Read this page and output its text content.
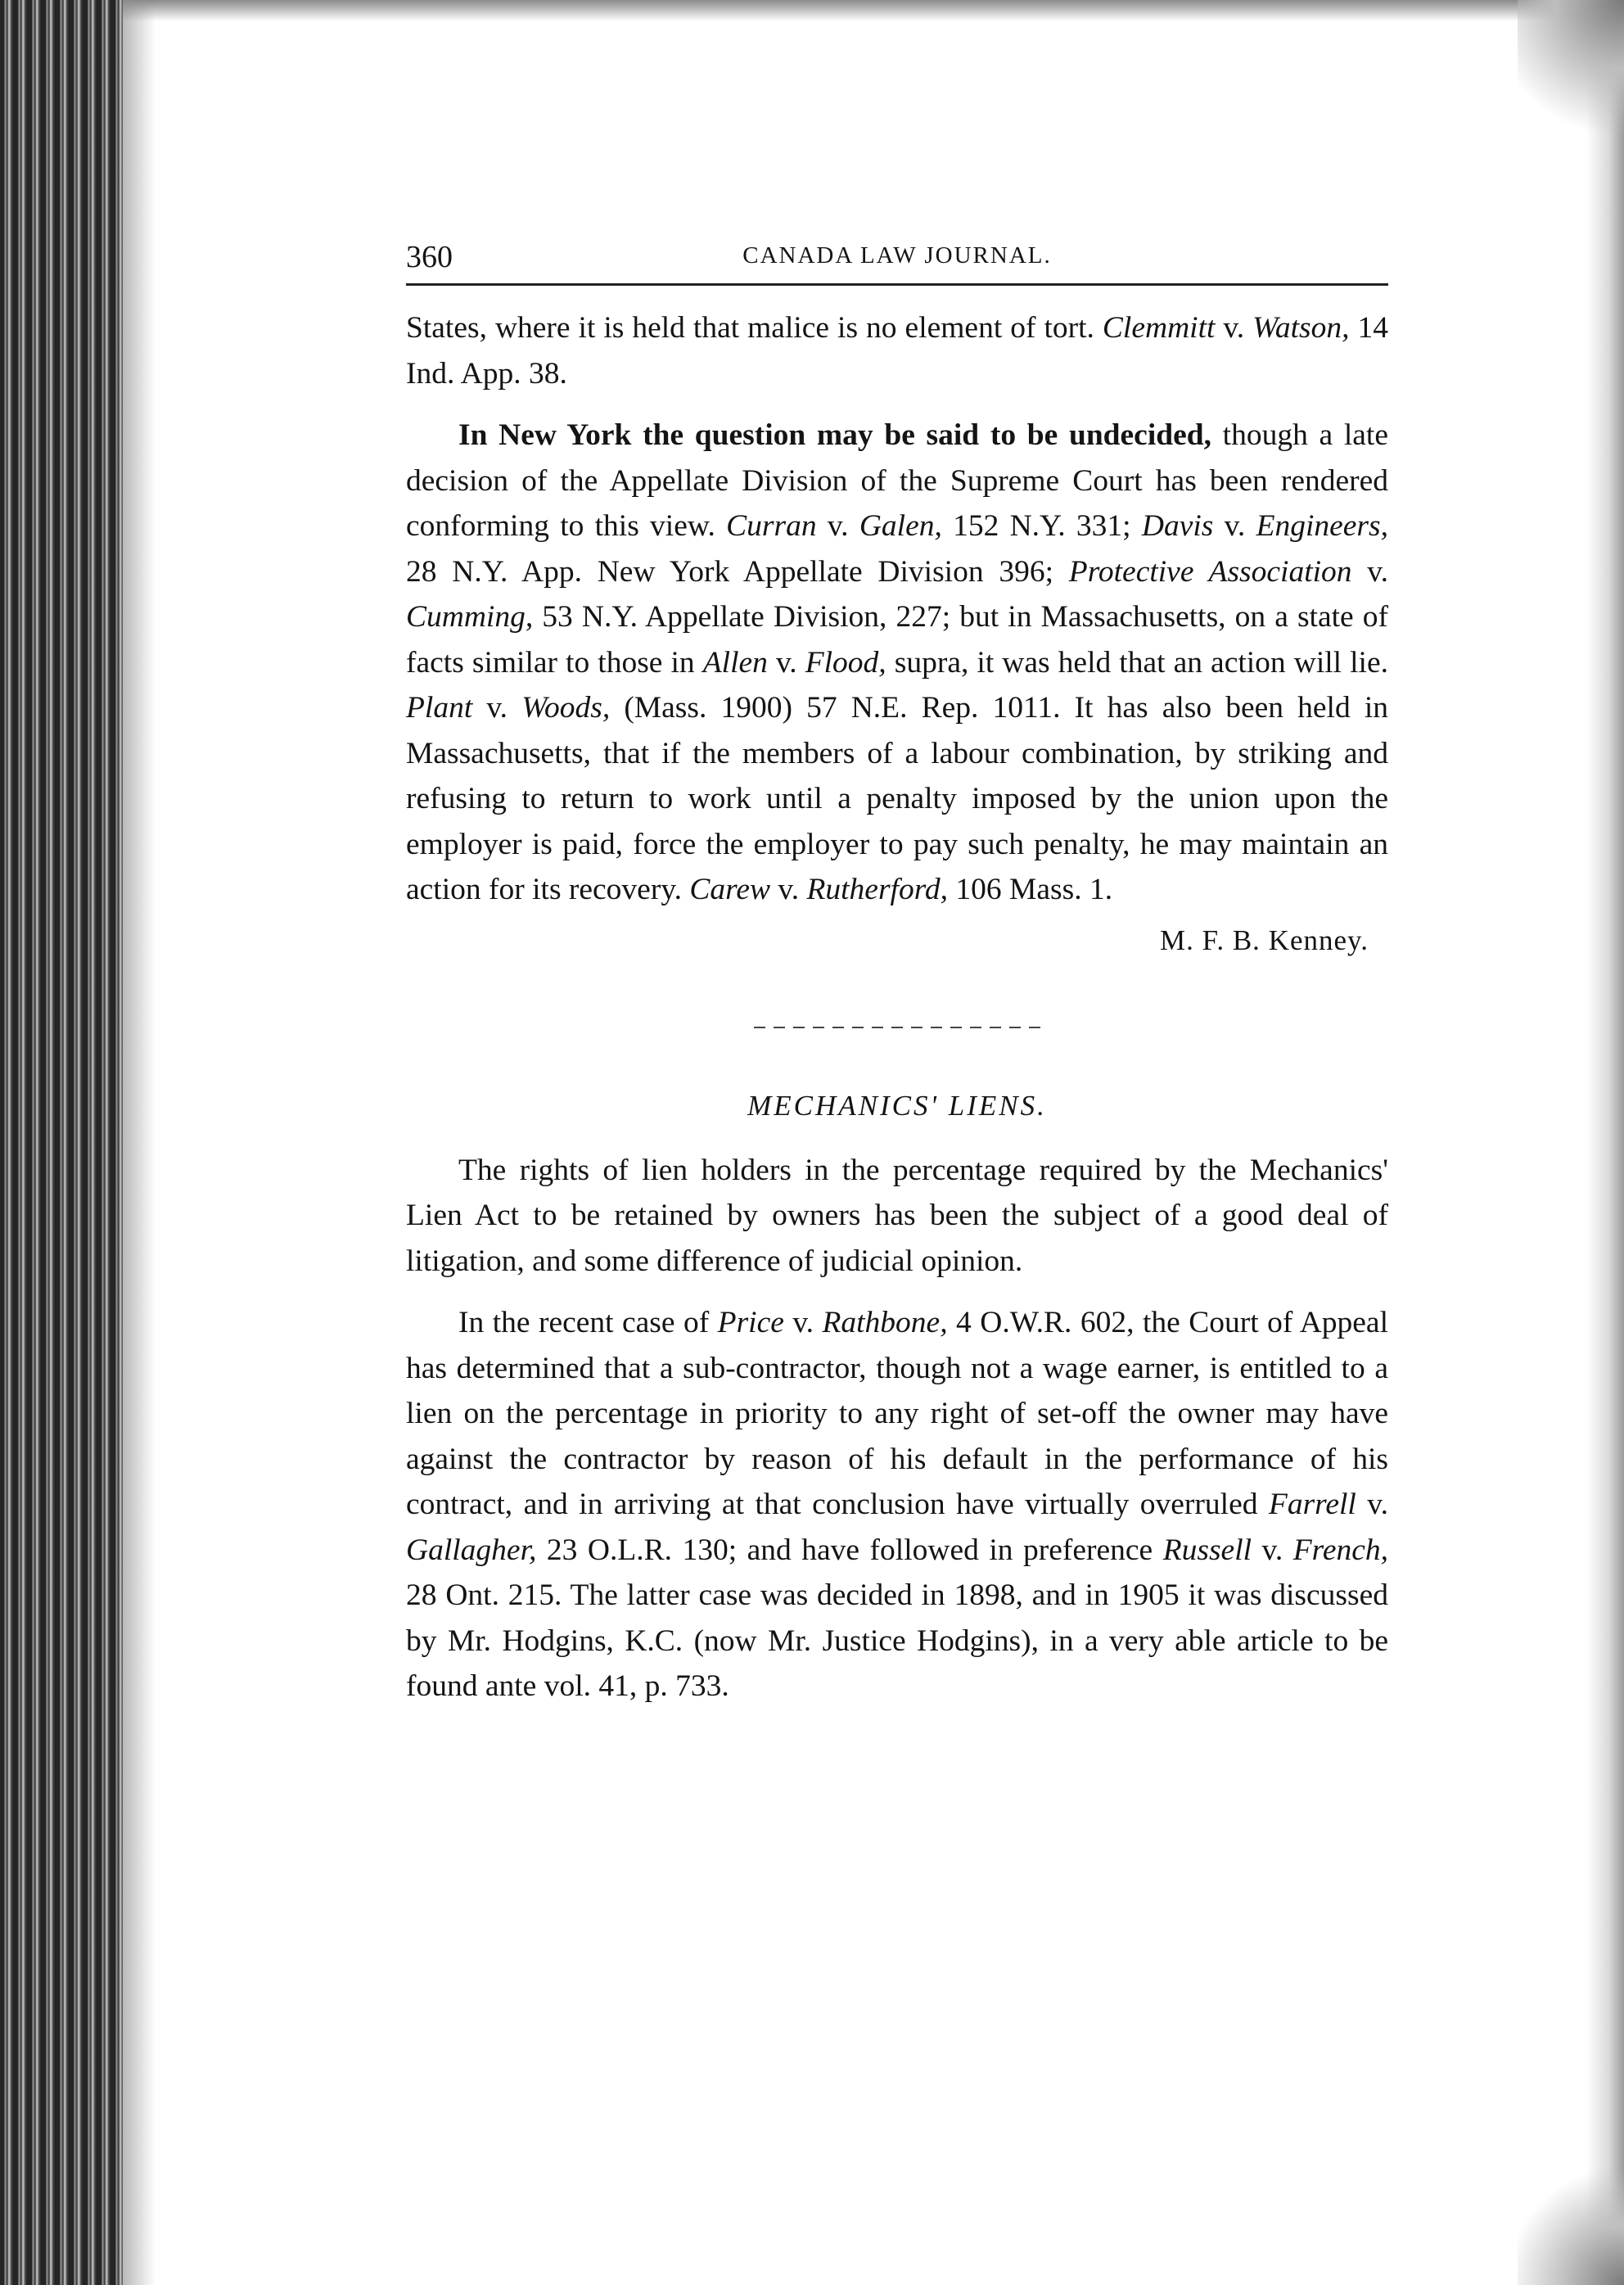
360	CANADA LAW JOURNAL.

States, where it is held that malice is no element of tort. Clemmitt v. Watson, 14 Ind. App. 38.

In New York the question may be said to be undecided, though a late decision of the Appellate Division of the Supreme Court has been rendered conforming to this view. Curran v. Galen, 152 N.Y. 331; Davis v. Engineers, 28 N.Y. App. New York Appellate Division 396; Protective Association v. Cumming, 53 N.Y. Appellate Division, 227; but in Massachusetts, on a state of facts similar to those in Allen v. Flood, supra, it was held that an action will lie. Plant v. Woods, (Mass. 1900) 57 N.E. Rep. 1011. It has also been held in Massachusetts, that if the members of a labour combination, by striking and refusing to return to work until a penalty imposed by the union upon the employer is paid, force the employer to pay such penalty, he may maintain an action for its recovery. Carew v. Rutherford, 106 Mass. 1.

M. F. B. Kenney.
MECHANICS' LIENS.

The rights of lien holders in the percentage required by the Mechanics' Lien Act to be retained by owners has been the subject of a good deal of litigation, and some difference of judicial opinion.

In the recent case of Price v. Rathbone, 4 O.W.R. 602, the Court of Appeal has determined that a sub-contractor, though not a wage earner, is entitled to a lien on the percentage in priority to any right of set-off the owner may have against the contractor by reason of his default in the performance of his contract, and in arriving at that conclusion have virtually overruled Farrell v. Gallagher, 23 O.L.R. 130; and have followed in preference Russell v. French, 28 Ont. 215. The latter case was decided in 1898, and in 1905 it was discussed by Mr. Hodgins, K.C. (now Mr. Justice Hodgins), in a very able article to be found ante vol. 41, p. 733.
